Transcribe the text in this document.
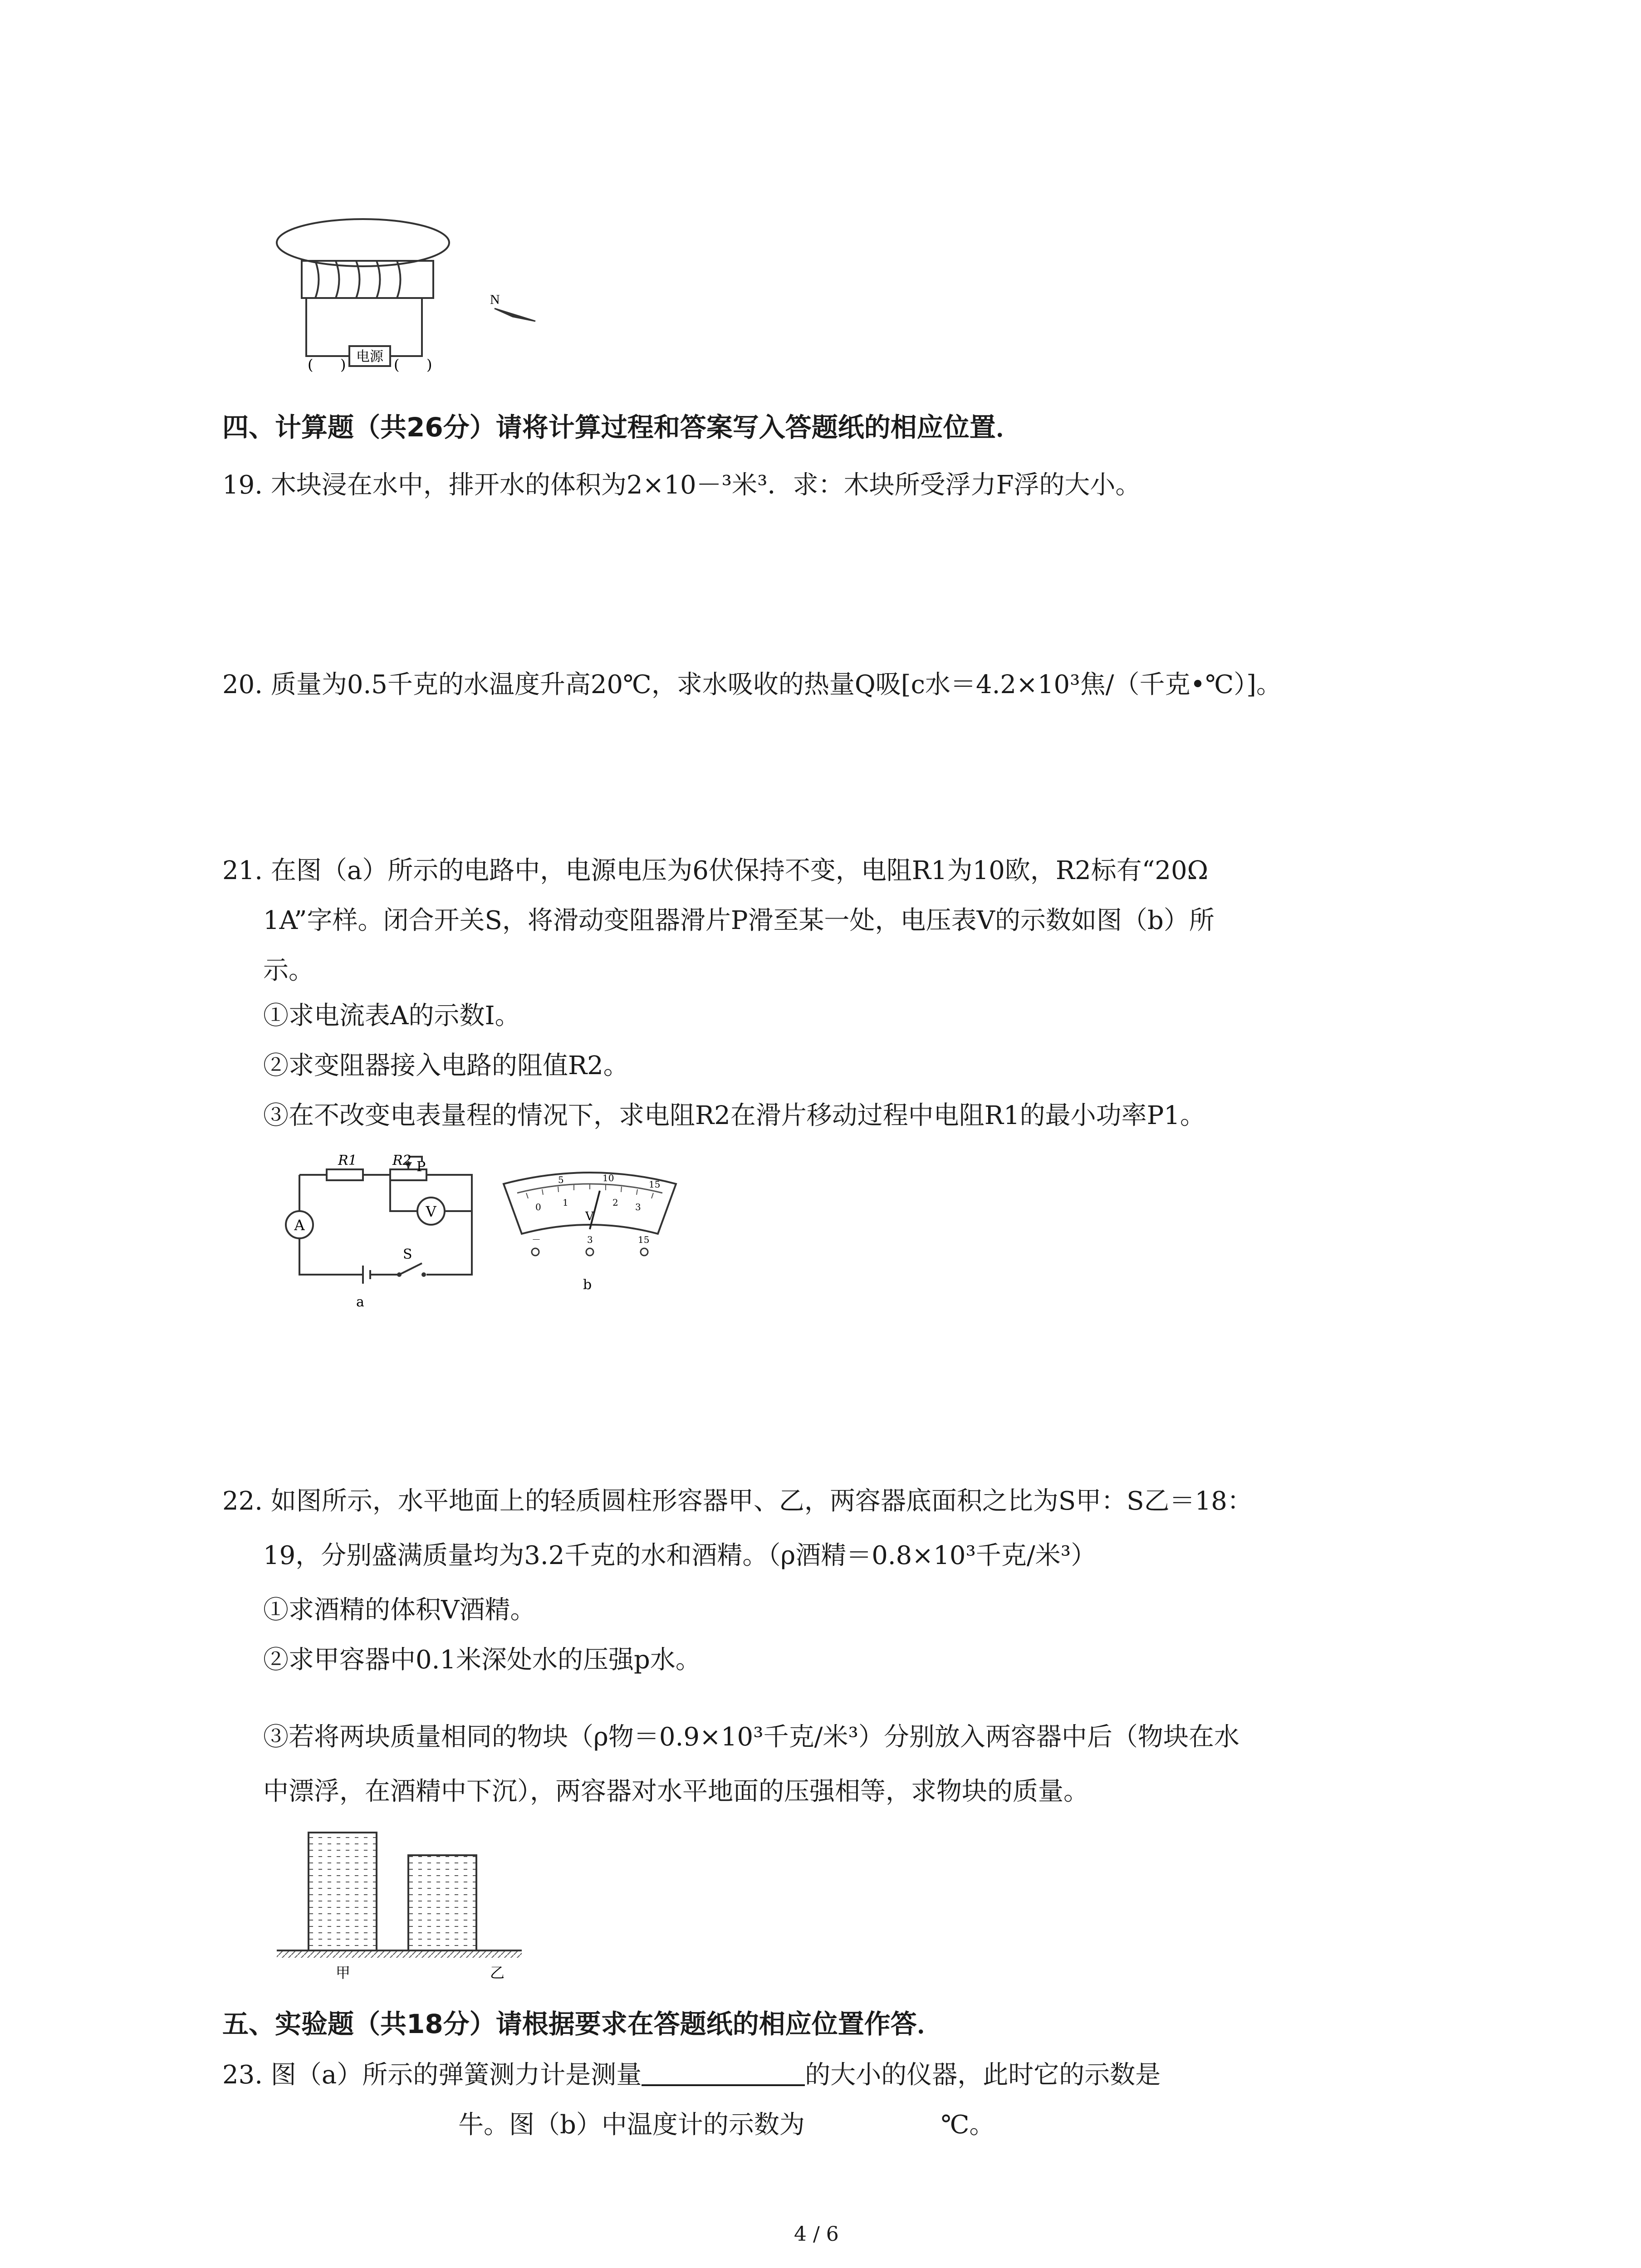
电源
( )	( )
N
四、计算题（共26分）请将计算过程和答案写入答题纸的相应位置．
19. 木块浸在水中，排开水的体积为2×10－³米³．求：木块所受浮力F浮的大小。
20. 质量为0.5千克的水温度升高20℃，求水吸收的热量Q吸[c水＝4.2×10³焦/（千克•℃）]。
21. 在图（a）所示的电路中，电源电压为6伏保持不变，电阻R1为10欧，R2标有“20Ω
1A”字样。闭合开关S，将滑动变阻器滑片P滑至某一处，电压表V的示数如图（b）所
示。
①求电流表A的示数I。
②求变阻器接入电路的阻值R2。
③在不改变电表量程的情况下，求电阻R2在滑片移动过程中电阻R1的最小功率P1。
R1	R2 P
A
V
S
a
V
0 1	2 3
5	10
15
－	3	15
b
22. 如图所示，水平地面上的轻质圆柱形容器甲、乙，两容器底面积之比为S甲：S乙＝18：
19，分别盛满质量均为3.2千克的水和酒精。（ρ酒精＝0.8×10³千克/米³）
①求酒精的体积V酒精。
②求甲容器中0.1米深处水的压强p水。
③若将两块质量相同的物块（ρ物＝0.9×10³千克/米³）分别放入两容器中后（物块在水
中漂浮，在酒精中下沉），两容器对水平地面的压强相等，求物块的质量。
甲	乙
五、实验题（共18分）请根据要求在答题纸的相应位置作答．
23. 图（a）所示的弹簧测力计是测量	的大小的仪器，此时它的示数是
牛。图（b）中温度计的示数为	℃。
4 / 6
